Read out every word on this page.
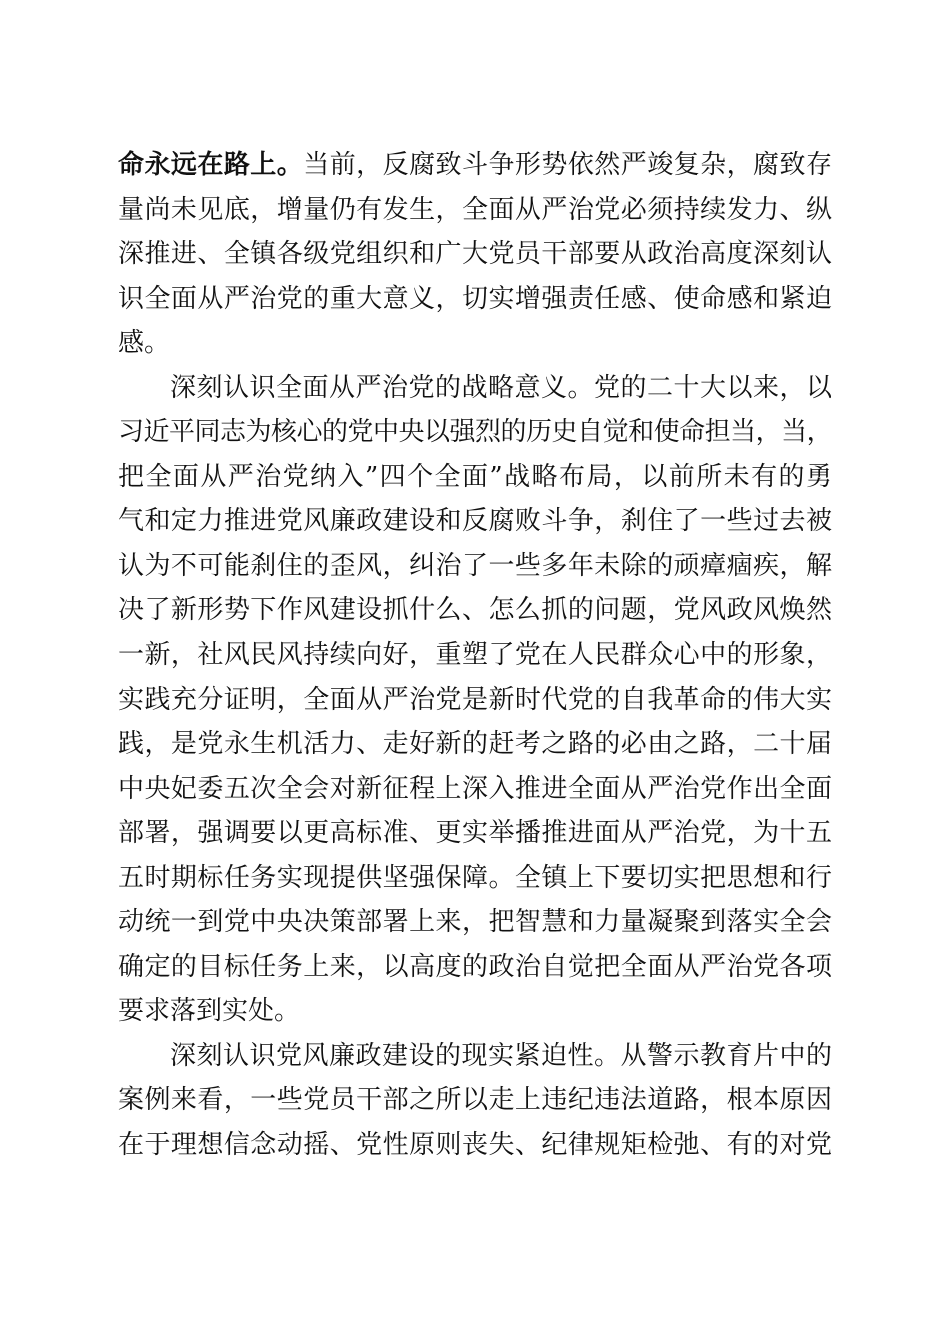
命永远在路上。当前，反腐致斗争形势依然严竣复杂，腐致存
量尚未见底，增量仍有发生，全面从严治党必须持续发力、纵
深推进、全镇各级党组织和广大党员干部要从政治高度深刻认
识全面从严治党的重大意义，切实增强责任感、使命感和紧迫
感。
深刻认识全面从严治党的战略意义。党的二十大以来，以
习近平同志为核心的党中央以强烈的历史自觉和使命担当，当，
把全面从严治党纳入”四个全面”战略布局，以前所未有的勇
气和定力推进党风廉政建设和反腐败斗争，刹住了一些过去被
认为不可能刹住的歪风，纠治了一些多年未除的顽瘴痼疾，解
决了新形势下作风建设抓什么、怎么抓的问题，党风政风焕然
一新，社风民风持续向好，重塑了党在人民群众心中的形象，
实践充分证明，全面从严治党是新时代党的自我革命的伟大实
践，是党永生机活力、走好新的赶考之路的必由之路，二十届
中央妃委五次全会对新征程上深入推进全面从严治党作出全面
部署，强调要以更高标准、更实举播推进面从严治党，为十五
五时期标任务实现提供坚强保障。全镇上下要切实把思想和行
动统一到党中央决策部署上来，把智慧和力量凝聚到落实全会
确定的目标任务上来，以高度的政治自觉把全面从严治党各项
要求落到实处。
深刻认识党风廉政建设的现实紧迫性。从警示教育片中的
案例来看，一些党员干部之所以走上违纪违法道路，根本原因
在于理想信念动摇、党性原则丧失、纪律规矩检弛、有的对党
